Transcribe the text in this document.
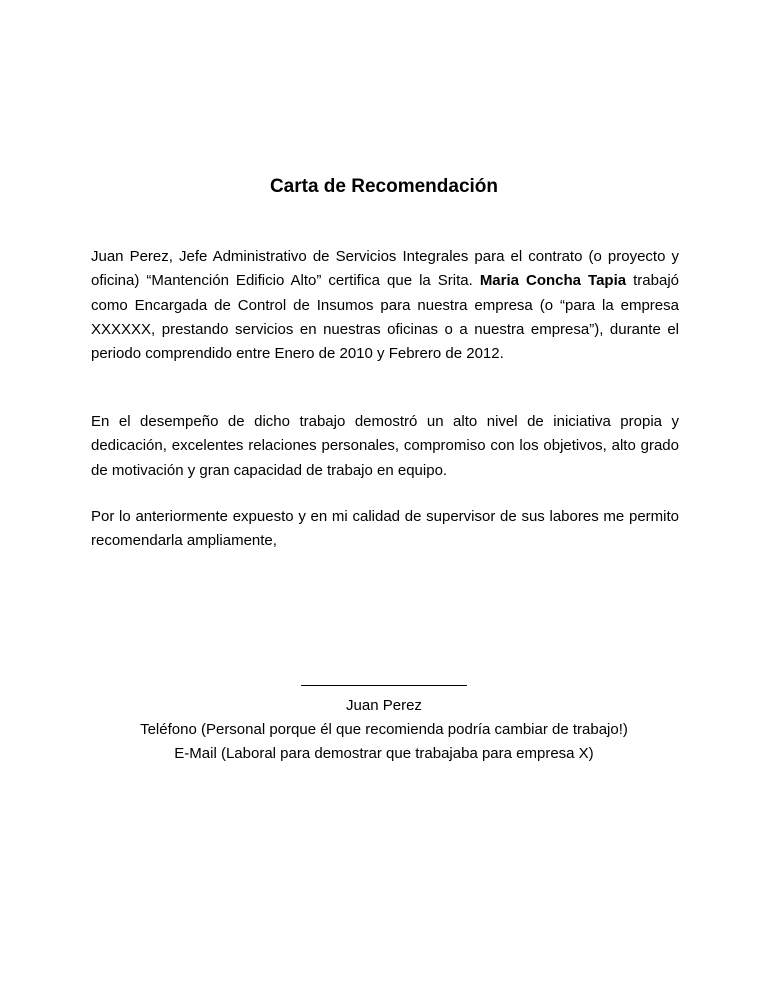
Carta de Recomendación

Juan Perez, Jefe Administrativo de Servicios Integrales para el contrato (o proyecto y oficina) “Mantención Edificio Alto” certifica que la Srita. Maria Concha Tapia trabajó como Encargada de Control de Insumos para nuestra empresa (o “para la empresa XXXXXX, prestando servicios en nuestras oficinas o a nuestra empresa”), durante el periodo comprendido entre Enero de 2010 y Febrero de 2012.

En el desempeño de dicho trabajo demostró un alto nivel de iniciativa propia y dedicación, excelentes relaciones personales, compromiso con los objetivos, alto grado de motivación y gran capacidad de trabajo en equipo.

Por lo anteriormente expuesto y en mi calidad de supervisor de sus labores me permito recomendarla ampliamente,

Juan Perez
Teléfono (Personal porque él que recomienda podría cambiar de trabajo!)
E-Mail (Laboral para demostrar que trabajaba para empresa X)
